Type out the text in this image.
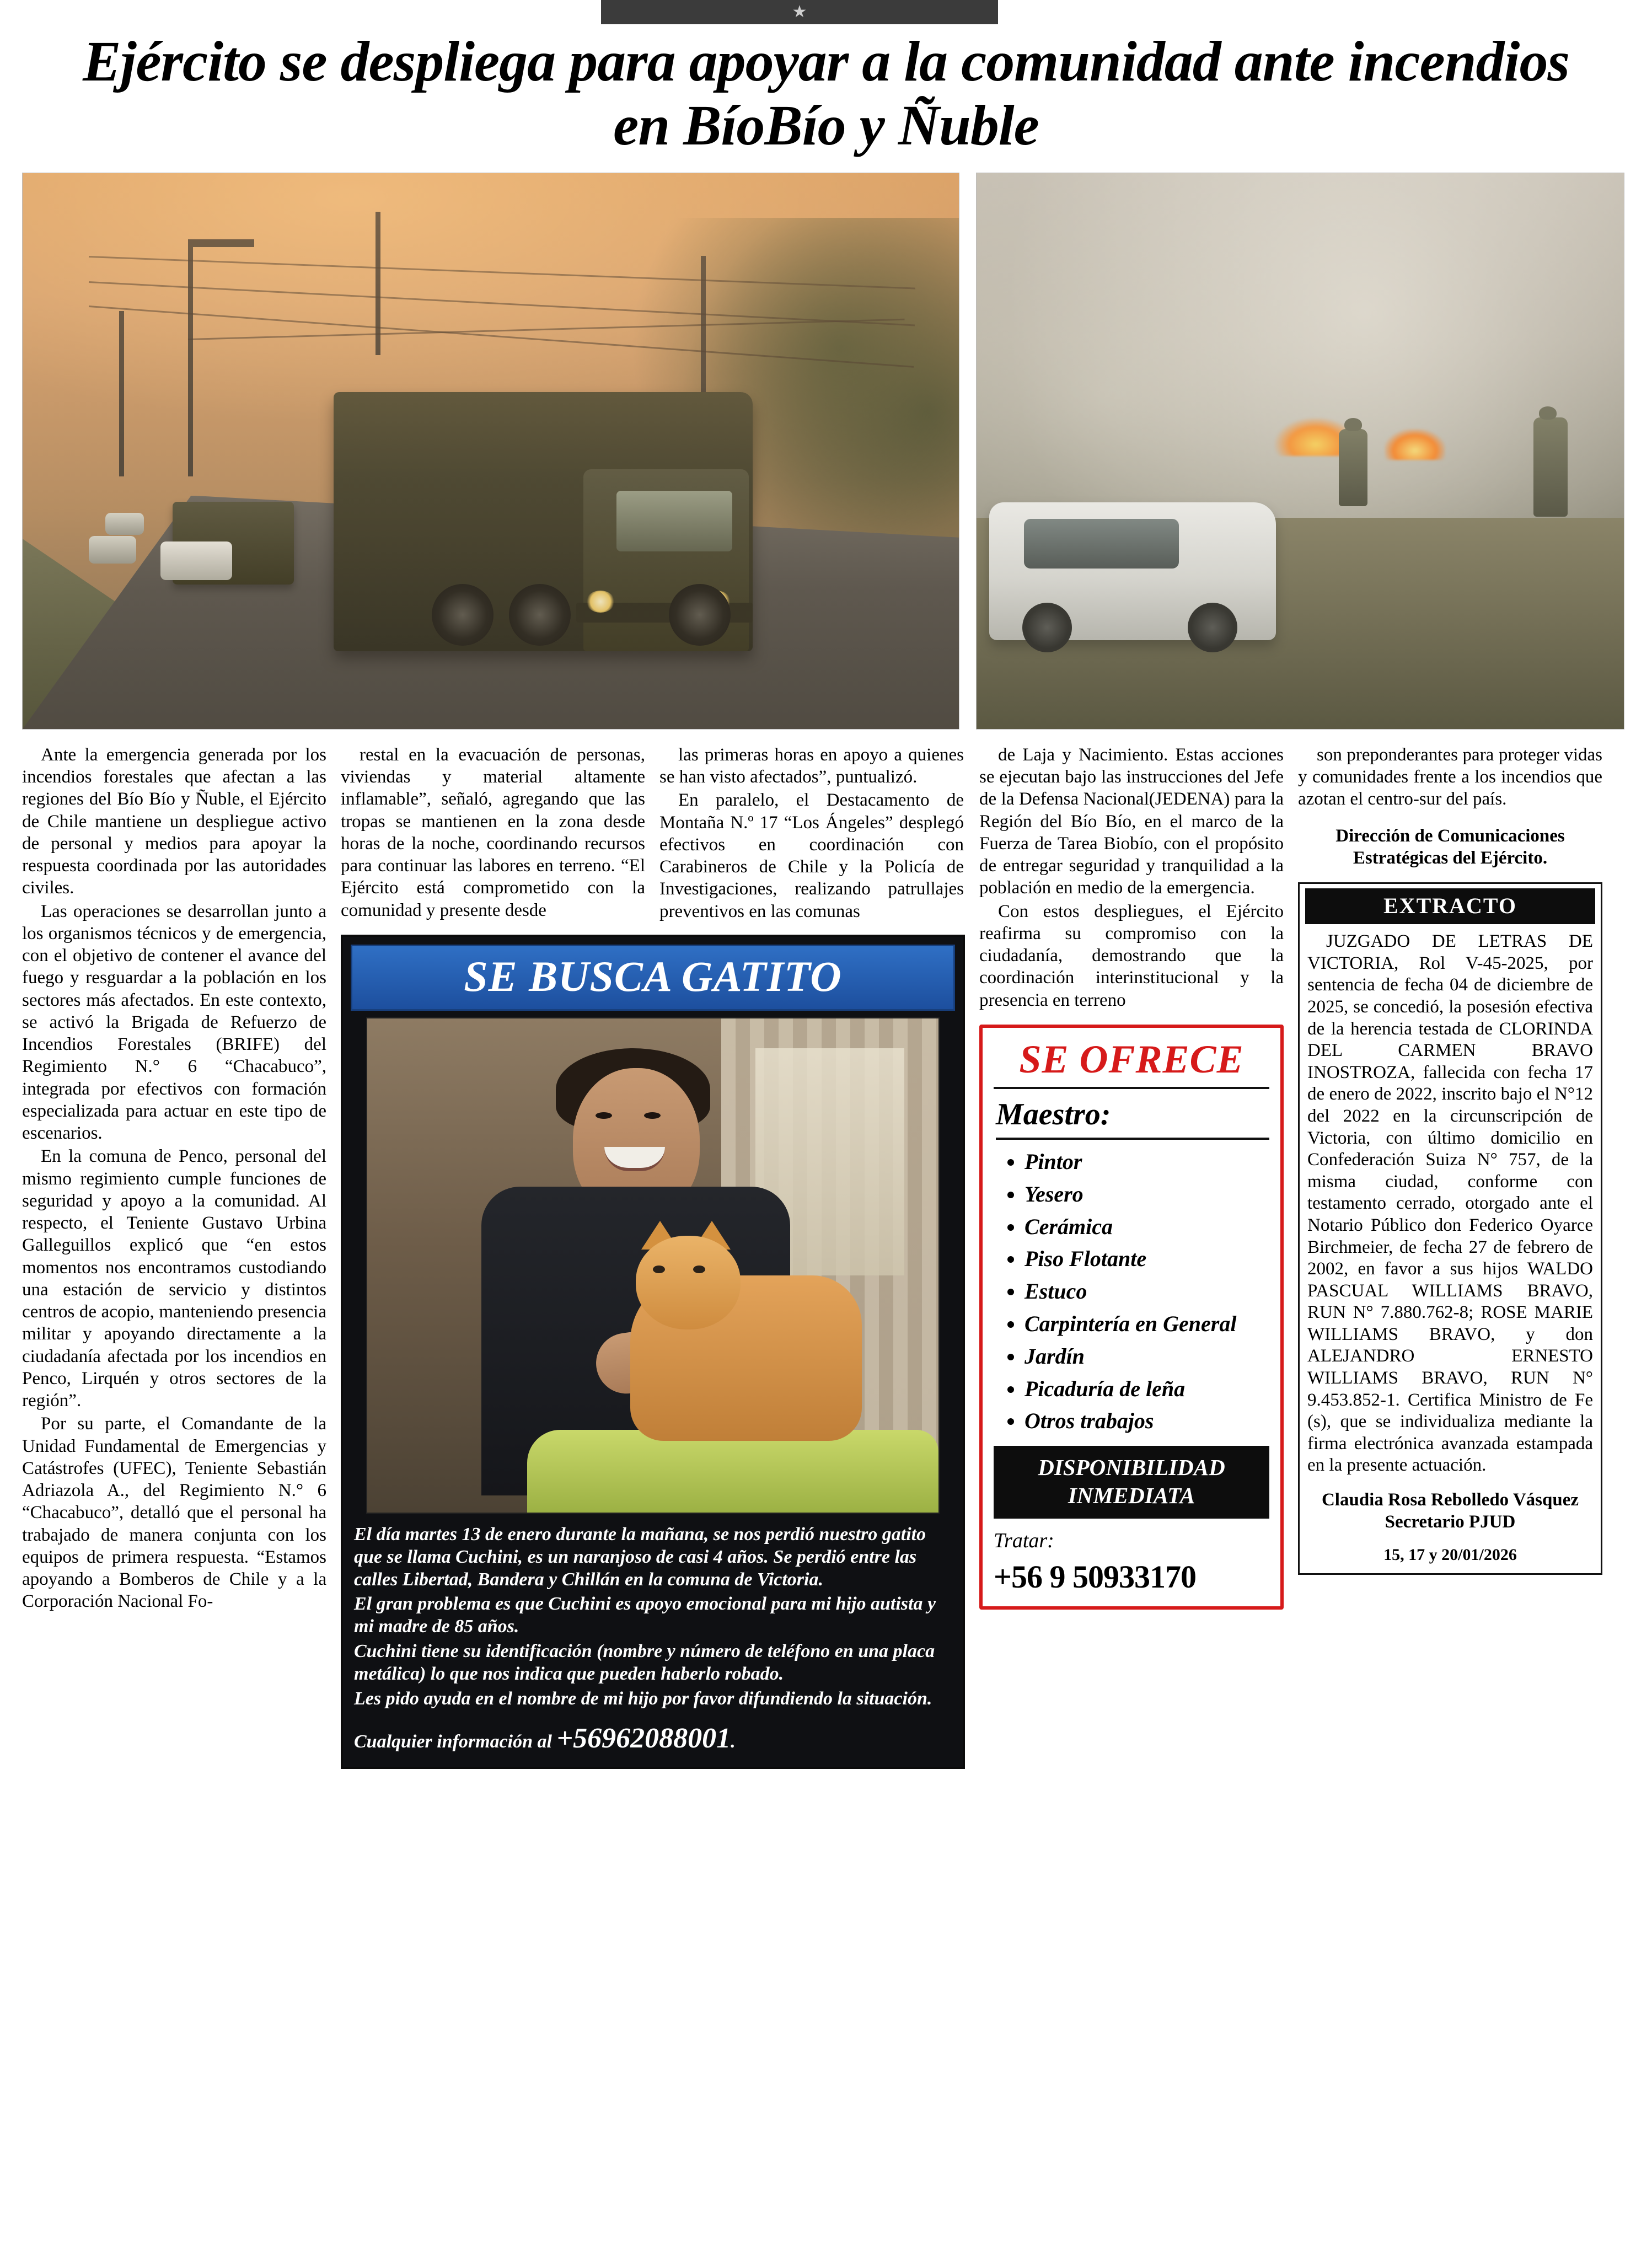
★
Ejército se despliega para apoyar a la comunidad ante incendios en BíoBío y Ñuble

Ante la emergencia generada por los incendios forestales que afectan a las regiones del Bío Bío y Ñuble, el Ejército de Chile mantiene un despliegue activo de personal y medios para apoyar la respuesta coordinada por las autoridades civiles.

Las operaciones se desarrollan junto a los organismos técnicos y de emergencia, con el objetivo de contener el avance del fuego y resguardar a la población en los sectores más afectados. En este contexto, se activó la Brigada de Refuerzo de Incendios Forestales (BRIFE) del Regimiento N.° 6 “Chacabuco”, integrada por efectivos con formación especializada para actuar en este tipo de escenarios.

En la comuna de Penco, personal del mismo regimiento cumple funciones de seguridad y apoyo a la comunidad. Al respecto, el Teniente Gustavo Urbina Galleguillos explicó que “en estos momentos nos encontramos custodiando una estación de servicio y distintos centros de acopio, manteniendo presencia militar y apoyando directamente a la ciudadanía afectada por los incendios en Penco, Lirquén y otros sectores de la región”.

Por su parte, el Comandante de la Unidad Fundamental de Emergencias y Catástrofes (UFEC), Teniente Sebastián Adriazola A., del Regimiento N.° 6 “Chacabuco”, detalló que el personal ha trabajado de manera conjunta con los equipos de primera respuesta. “Estamos apoyando a Bomberos de Chile y a la Corporación Nacional Fo-

restal en la evacuación de personas, viviendas y material altamente inflamable”, señaló, agregando que las tropas se mantienen en la zona desde horas de la noche, coordinando recursos para continuar las labores en terreno. “El Ejército está comprometido con la comunidad y presente desde

las primeras horas en apoyo a quienes se han visto afectados”, puntualizó.

En paralelo, el Destacamento de Montaña N.º 17 “Los Ángeles” desplegó efectivos en coordinación con Carabineros de Chile y la Policía de Investigaciones, realizando patrullajes preventivos en las comunas

SE BUSCA GATITO

El día martes 13 de enero durante la mañana, se nos perdió nuestro gatito que se llama Cuchini, es un naranjoso de casi 4 años. Se perdió entre las calles Libertad, Bandera y Chillán en la comuna de Victoria.

El gran problema es que Cuchini es apoyo emocional para mi hijo autista y mi madre de 85 años.

Cuchini tiene su identificación (nombre y número de teléfono en una placa metálica) lo que nos indica que pueden haberlo robado.

Les pido ayuda en el nombre de mi hijo por favor difundiendo la situación.

Cualquier información al +56962088001.

de Laja y Nacimiento. Estas acciones se ejecutan bajo las instrucciones del Jefe de la Defensa Nacional(JEDENA) para la Región del Bío Bío, en el marco de la Fuerza de Tarea Biobío, con el propósito de entregar seguridad y tranquilidad a la población en medio de la emergencia.

Con estos despliegues, el Ejército reafirma su compromiso con la ciudadanía, demostrando que la coordinación interinstitucional y la presencia en terreno

SE OFRECE
Maestro:
• Pintor
• Yesero
• Cerámica
• Piso Flotante
• Estuco
• Carpintería en General
• Jardín
• Picaduría de leña
• Otros trabajos
DISPONIBILIDAD INMEDIATA
Tratar:
+56 9 50933170

son preponderantes para proteger vidas y comunidades frente a los incendios que azotan el centro-sur del país.

Dirección de Comunicaciones Estratégicas del Ejército.
EXTRACTO
JUZGADO DE LETRAS DE VICTORIA, Rol V-45-2025, por sentencia de fecha 04 de diciembre de 2025, se concedió, la posesión efectiva de la herencia testada de CLORINDA DEL CARMEN BRAVO INOSTROZA, fallecida con fecha 17 de enero de 2022, inscrito bajo el N°12 del 2022 en la circunscripción de Victoria, con último domicilio en Confederación Suiza N° 757, de la misma ciudad, conforme con testamento cerrado, otorgado ante el Notario Público don Federico Oyarce Birchmeier, de fecha 27 de febrero de 2002, en favor a sus hijos WALDO PASCUAL WILLIAMS BRAVO, RUN N° 7.880.762-8; ROSE MARIE WILLIAMS BRAVO, y don ALEJANDRO ERNESTO WILLIAMS BRAVO, RUN N° 9.453.852-1. Certifica Ministro de Fe (s), que se individualiza mediante la firma electrónica avanzada estampada en la presente actuación.
Claudia Rosa Rebolledo Vásquez Secretario PJUD
15, 17 y 20/01/2026
